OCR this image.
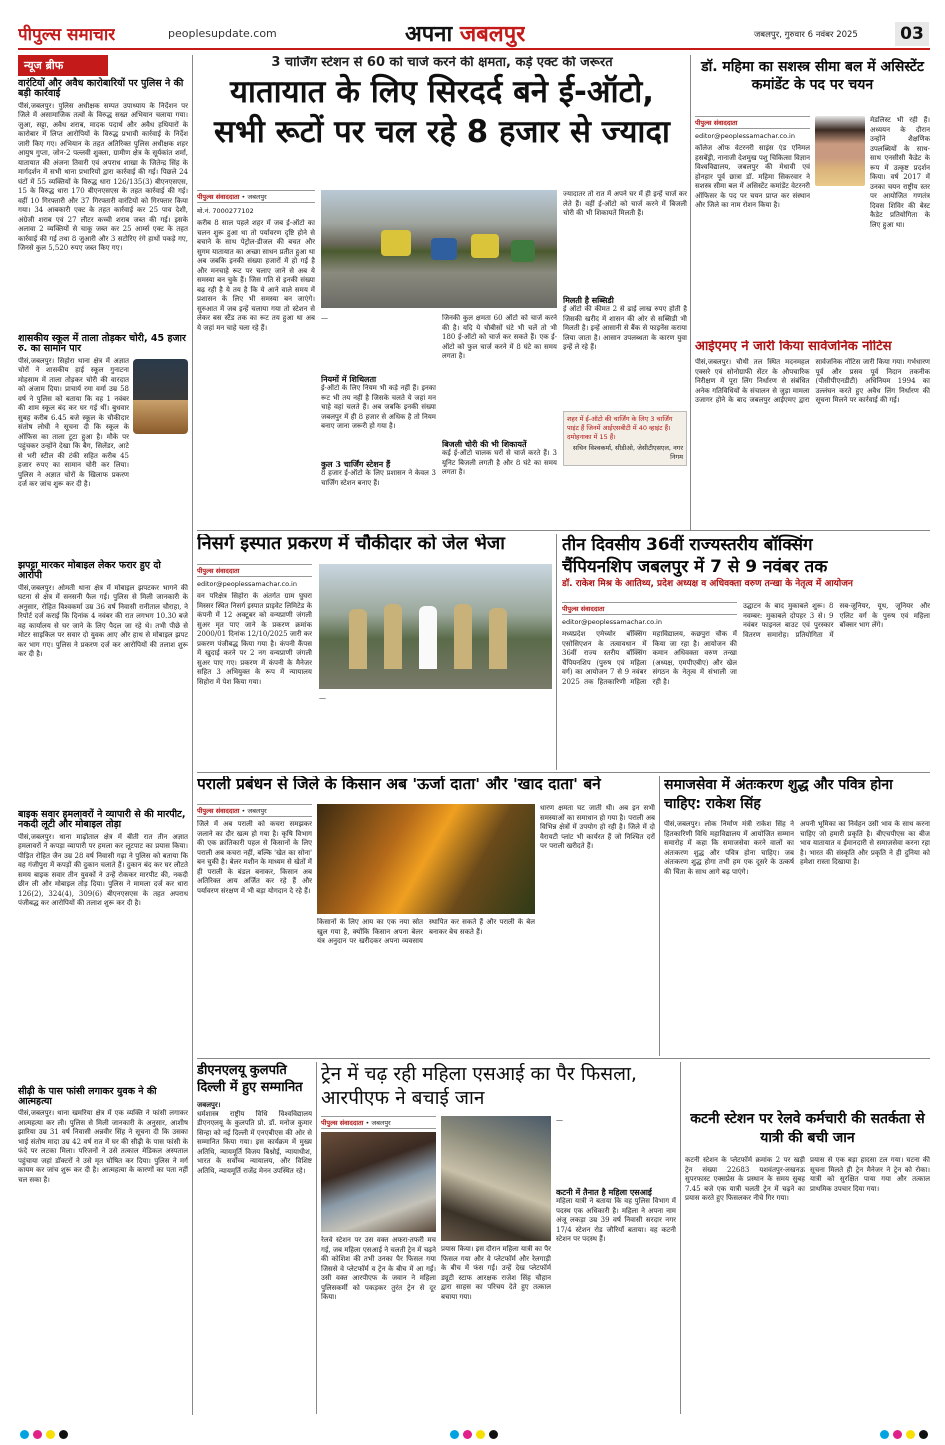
पीपुल्स समाचार	peoplesupdate.com	अपना जबलपुर	जबलपुर, गुरुवार 6 नवंबर 2025	03
न्यूज ब्रीफ
वारंटियों और अवैध कारोबारियों पर पुलिस ने की बड़ी कार्रवाई
पीसं,जबलपुर। पुलिस अधीक्षक सम्पत उपाध्याय के निर्देशन पर जिले में असामाजिक तत्वों के विरुद्ध सख्त अभियान चलाया गया। जुआ, सट्टा, अवैध शराब, मादक पदार्थ और अवैध हथियारों के कारोबार में लिप्त आरोपियों के विरुद्ध प्रभावी कार्रवाई के निर्देश जारी किए गए। अभियान के तहत अतिरिक्त पुलिस अधीक्षक शहर आयुष गुप्ता, जोन-2 पल्लवी शुक्ला, ग्रामीण क्षेत्र के सूर्यकांत शर्मा, यातायात की अंजना तिवारी एवं अपराध शाखा के जितेन्द्र सिंह के मार्गदर्शन में सभी थाना प्रभारियों द्वारा कार्रवाई की गई। पिछले 24 घंटों में 55 व्यक्तियों के विरुद्ध धारा 126/135(3) बीएनएसएस, 15 के विरुद्ध धारा 170 बीएनएसएस के तहत कार्रवाई की गई। वहीं 10 गिरफ्तारी और 37 गिरफ्तारी वारंटियों को गिरफ्तार किया गया। 34 आबकारी एक्ट के तहत कार्रवाई कर 25 पाव देशी, अंग्रेजी शराब एवं 27 लीटर कच्ची शराब जब्त की गई। इसके अलावा 2 व्यक्तियों से चाकू जब्त कर 25 आर्म्स एक्ट के तहत कार्रवाई की गई तथा 8 जुआरी और 3 सटोरिए रंगे हाथों पकड़े गए, जिनसे कुल 5,520 रुपए जब्त किए गए।
शासकीय स्कूल में ताला तोड़कर चोरी, 45 हजार रु. का सामान पार
पीसं,जबलपुर। सिहोरा थाना क्षेत्र में अज्ञात चोरों ने शासकीय हाई स्कूल गुनाटना मोहसाम में ताला तोड़कर चोरी की वारदात को अंजाम दिया। प्राचार्य रमा वर्मा उम्र 58 वर्ष ने पुलिस को बताया कि वह 1 नवंबर की शाम स्कूल बंद कर घर गई थीं। बुधवार सुबह करीब 6.45 बजे स्कूल के चौकीदार संतोष लोधी ने सूचना दी कि स्कूल के ऑफिस का ताला टूटा हुआ है। मौके पर पहुंचकर उन्होंने देखा कि बैग, सिलेंडर, आटे से भरी स्टील की टंकी सहित करीब 45 हजार रुपए का सामान चोरी कर लिया। पुलिस ने अज्ञात चोरों के खिलाफ प्रकरण दर्ज कर जांच शुरू कर दी है।
झपट्टा मारकर मोबाइल लेकर फरार हुए दो आरोपी
पीसं,जबलपुर। ओमती थाना क्षेत्र में मोबाइल झपटकर भागने की घटना से क्षेत्र में सनसनी फैल गई। पुलिस से मिली जानकारी के अनुसार, रोहित विश्वकर्मा उम्र 36 वर्ष निवासी रानीताल चौराहा, ने रिपोर्ट दर्ज कराई कि दिनांक 4 नवंबर की रात लगभग 10.30 बजे वह कार्यालय से घर जाने के लिए पैदल जा रहे थे। तभी पीछे से मोटर साइकिल पर सवार दो युवक आए और हाथ से मोबाइल झपट कर भाग गए। पुलिस ने प्रकरण दर्ज कर आरोपियों की तलाश शुरू कर दी है।
बाइक सवार हमलावरों ने व्यापारी से की मारपीट, नकदी लूटी और मोबाइल तोड़ा
पीसं,जबलपुर। थाना माढ़ोताल क्षेत्र में बीती रात तीन अज्ञात हमलावरों ने कपड़ा व्यापारी पर हमला कर लूटपाट का प्रयास किया। पीड़ित रोहित जैन उम्र 28 वर्ष निवासी गढ़ा ने पुलिस को बताया कि वह गंजीपुरा में कपड़ों की दुकान चलाते हैं। दुकान बंद कर घर लौटते समय बाइक सवार तीन युवकों ने उन्हें रोककर मारपीट की, नकदी छीन ली और मोबाइल तोड़ दिया। पुलिस ने मामला दर्ज कर धारा 126(2), 324(4), 309(6) बीएनएसएस के तहत अपराध पंजीबद्ध कर आरोपियों की तलाश शुरू कर दी है।
सीढ़ी के पास फांसी लगाकर युवक ने की आत्महत्या
पीसं,जबलपुर। थाना खमरिया क्षेत्र में एक व्यक्ति ने फांसी लगाकर आत्महत्या कर ली। पुलिस से मिली जानकारी के अनुसार, आशीष झारिया उम्र 31 वर्ष निवासी अन्नवीर सिंह ने सूचना दी कि उसका भाई संतोष मादा उम्र 42 वर्ष रात में घर की सीढ़ी के पास फांसी के फंदे पर लटका मिला। परिजनों ने उसे तत्काल मेडिकल अस्पताल पहुंचाया जहां डॉक्टरों ने उसे मृत घोषित कर दिया। पुलिस ने मर्ग कायम कर जांच शुरू कर दी है। आत्महत्या के कारणों का पता नहीं चल सका है।
3 चार्जिंग स्टेशन से 60 को चार्ज करने की क्षमता, कड़े एक्ट की जरूरत
यातायात के लिए सिरदर्द बने ई-ऑटो,
सभी रूटों पर चल रहे 8 हजार से ज्यादा
पीपुल्स संवाददाता • जबलपुर
मो.नं. 7000277102
करीब 8 साल पहले शहर में जब ई-ऑटो का चलन शुरू हुआ था तो पर्यावरण दृष्टि होने से बचाने के साथ पेट्रोल-डीजल की बचत और सुगम यातायात का अच्छा साधन प्रतीत हुआ था अब जबकि इनकी संख्या हजारों में हो गई है और मनचाहे रूट पर चलाए जाने से अब ये समस्या बन चुके हैं। जिस गति से इनकी संख्या बढ़ रही है ये तय है कि ये आने वाले समय में प्रशासन के लिए भी समस्या बन जाएंगे। सुरुआत में जब इन्हें चलाया गया तो स्टेशन से लेकर बस स्टैंड तक का रूट तय हुआ था अब ये जहां मन चाहे चला रहे हैं।
—
नियमों में शिथिलता
ई-ऑटो के लिए नियम भी कड़े नहीं हैं। इनका रूट भी तय नहीं है जिसके चलते ये जहां मन चाहे वहां चलते हैं। अब जबकि इनकी संख्या जबलपुर में ही 8 हजार से अधिक है तो नियम बनाए जाना जरूरी हो गया है।
कुल 3 चार्जिंग स्टेशन हैं
8 हजार ई-ऑटो के लिए प्रशासन ने केवल 3 चार्जिंग स्टेशन बनाए हैं।
जिनकी कुल क्षमता 60 ऑटो को चार्ज करने की है। यदि ये चौबीसों घंटे भी चलें तो भी 180 ई-ऑटो को चार्ज कर सकते हैं। एक ई-ऑटो को फुल चार्ज करने में 8 घंटे का समय लगता है।
बिजली चोरी की भी शिकायतें
कई ई-ऑटो चालक घरों से चार्ज करते हैं। 3 यूनिट बिजली लगती है और 8 घंटे का समय लगता है।
ज्यादातर तो रात में अपने घर में ही इन्हें चार्ज कर लेते हैं। वहीं ई-ऑटो को चार्ज करने में बिजली चोरी की भी शिकायतें मिलती हैं।
मिलती है सब्सिडी
ई ऑटो की कीमत 2 से ढाई लाख रुपए होती है जिसकी खरीद में शासन की ओर से सब्सिडी भी मिलती है। इन्हें आसानी से बैंक से फाइनेंस कराया लिया जाता है। आसान उपलब्धता के कारण युवा इन्हें ले रहे हैं।
शहर में ई-ऑटो की चार्जिंग के लिए 3 चार्जिंग पाइंट हैं जिनमें आईएसबीटी में 40 व्हाइंट हैं। दमोहनाका में 15 हैं।
सचिन विश्वकर्मा, सीडीओ, जेसीटीएसएल, नगर निगम
डॉ. महिमा का सशस्त्र सीमा बल में असिस्टेंट कमांडेंट के पद पर चयन
पीपुल्स संवाददाता
editor@peoplessamachar.co.in
कॉलेज ऑफ वेटरनरी साइंस एंड एनिमल हसबेंड्री, नानाजी देशमुख पशु चिकित्सा विज्ञान विश्वविद्यालय, जबलपुर की मेधावी एवं होनहार पूर्व छात्रा डॉ. महिमा सिकरवार ने सशस्त्र सीमा बल में असिस्टेंट कमांडेंट वेटरनरी ऑफिसर के पद पर चयन प्राप्त कर संस्थान और जिले का नाम रोशन किया है।
मेडलिस्ट भी रही हैं। अध्ययन के दौरान उन्होंने शैक्षणिक उपलब्धियों के साथ-साथ एनसीसी कैडेट के रूप में उत्कृष्ट प्रदर्शन किया। वर्ष 2017 में उनका चयन राष्ट्रीय स्तर पर आयोजित गणतंत्र दिवस शिविर की बेस्ट कैडेट प्रतियोगिता के लिए हुआ था।
आईएमए ने जारी किया सार्वजनिक नोटिस
पीसं,जबलपुर। चौथी तल स्थित मदनमहल एक्सरे एवं सोनोग्राफी सेंटर के औपचारिक निरीक्षण में पूरा लिंग निर्धारण से संबंधित अनेक गतिविधियों के संचालन से जुड़ा मामला उजागर होने के बाद जबलपुर आईएमए द्वारा सार्वजनिक नोटिस जारी किया गया। गर्भधारण पूर्व और प्रसव पूर्व निदान तकनीक (पीसीपीएनडीटी) अधिनियम 1994 का उल्लंघन करते हुए अवैध लिंग निर्धारण की सूचना मिलने पर कार्रवाई की गई।
निसर्ग इस्पात प्रकरण में चौकीदार को जेल भेजा
पीपुल्स संवाददाता
editor@peoplessamachar.co.in
वन परिक्षेत्र सिहोरा के अंतर्गत ग्राम घुघरा मिस्सर स्थित निसर्ग इस्पात प्राइवेट लिमिटेड के कंपनी में 12 अक्टूबर को वन्यप्राणी जंगली सुअर मृत पाए जाने के प्रकरण क्रमांक 2000/01 दिनांक 12/10/2025 जारी कर प्रकरण पंजीबद्ध किया गया है। कंपनी कैंपस में खुदाई करने पर 2 नग वन्यप्राणी जंगली सुअर पाए गए। प्रकरण में कंपनी के मैनेजर सहित 3 अभियुक्त के रूप में न्यायालय सिहोरा में पेश किया गया।
—
तीन दिवसीय 36वीं राज्यस्तरीय बॉक्सिंग
चैंपियनशिप जबलपुर में 7 से 9 नवंबर तक
डॉ. राकेश मिश्र के आतिथ्य, प्रदेश अध्यक्ष व अधिवक्ता वरुण तन्खा के नेतृत्व में आयोजन
पीपुल्स संवाददाता
editor@peoplessamachar.co.in
मध्यप्रदेश एमेच्योर बॉक्सिंग एसोसिएशन के तत्वावधान में 36वीं राज्य स्तरीय बॉक्सिंग चैंपियनशिप (पुरुष एवं महिला वर्ग) का आयोजन 7 से 9 नवंबर 2025 तक हितकारिणी महिला महाविद्यालय, कछपुरा चौक में किया जा रहा है। आयोजन की कमान अधिवक्ता वरुण तन्खा (अध्यक्ष, एमपीएबीए) और खेल संगठन के नेतृत्व में संभाली जा रही है।
उद्घाटन के बाद मुकाबले शुरू। 8 नवम्बर: मुकाबले दोपहर 3 से। 9 नवंबर फाइनल बाउट एवं पुरस्कार वितरण समारोह। प्रतियोगिता में सब-जूनियर, यूथ, जूनियर और एलिट वर्ग के पुरुष एवं महिला बॉक्सर भाग लेंगे।
पराली प्रबंधन से जिले के किसान अब 'ऊर्जा दाता' और 'खाद दाता' बने
पीपुल्स संवाददाता • जबलपुर
जिले में अब पराली को कचरा समझकर जलाने का दौर खत्म हो गया है। कृषि विभाग की एक क्रांतिकारी पहल से किसानों के लिए पराली अब कचरा नहीं, बल्कि 'खेत का सोना' बन चुकी है। बेलर मशीन के माध्यम से खेतों में ही पराली के बंडल बनाकर, किसान अब अतिरिक्त आय अर्जित कर रहे हैं और पर्यावरण संरक्षण में भी बड़ा योगदान दे रहे हैं।
किसानों के लिए आय का एक नया स्रोत खुल गया है, क्योंकि किसान अपना बेलर यंत्र अनुदान पर खरीदकर अपना व्यवसाय स्थापित कर सकते हैं और पराली के बेल बनाकर बेच सकते हैं।
धारण क्षमता घट जाती थी। अब इन सभी समस्याओं का समाधान हो गया है। पराली अब विभिन्न क्षेत्रों में उपयोग हो रही है। जिले में दो वैरायटी प्लांट भी कार्यरत हैं जो निश्चित दरों पर पराली खरीदते हैं।
समाजसेवा में अंतःकरण शुद्ध और पवित्र होना चाहिए: राकेश सिंह
पीसं,जबलपुर। लोक निर्माण मंत्री राकेश सिंह ने हितकारिणी विधि महाविद्यालय में आयोजित सम्मान समारोह में कहा कि समाजसेवा करने वालों का अंतःकरण शुद्ध और पवित्र होना चाहिए। जब अंतःकरण शुद्ध होगा तभी हम एक दूसरे के उत्कर्ष की चिंता के साथ आगे बढ़ पाएंगे।
अपनी भूमिका का निर्वहन उसी भाव के साथ करना चाहिए जो हमारी प्रकृति है। बीएचपीएस का बीज भाव यातायात व ईमानदारी से समाजसेवा करना रहा है। भारत की संस्कृति और प्रकृति ने ही दुनिया को हमेशा रास्ता दिखाया है।
डीएनएलयू कुलपति दिल्ली में हुए सम्मानित
जबलपुर।
धर्मशास्त्र राष्ट्रीय विधि विश्वविद्यालय डीएनएलयू के कुलपति प्रो. डॉ. मनोज कुमार सिन्हा को नई दिल्ली में एनएबीएस की ओर से सम्मानित किया गया। इस कार्यक्रम में मुख्य अतिथि, न्यायमूर्ति विजय बिश्नोई, न्यायाधीश, भारत के सर्वोच्च न्यायालय, और विशिष्ट अतिथि, न्यायमूर्ति राजेंद्र मेनन उपस्थित रहे।
ट्रेन में चढ़ रही महिला एसआई का पैर फिसला, आरपीएफ ने बचाई जान
पीपुल्स संवाददाता • जबलपुर
रेलवे स्टेशन पर उस वक्त अफरा-तफरी मच गई, जब महिला एसआई ने चलती ट्रेन में चढ़ने की कोशिश की तभी उनका पैर फिसल गया जिससे वे प्लेटफॉर्म व ट्रेन के बीच में आ गईं। उसी वक्त आरपीएफ के जवान ने महिला पुलिसकर्मी को पकड़कर तुरंत ट्रेन से दूर किया।
प्रयास किया। इस दौरान महिला यात्री का पैर फिसल गया और वे प्लेटफॉर्म और रेलगाड़ी के बीच में फंस गईं। उन्हें देख प्लेटफॉर्म ड्यूटी स्टाफ आरक्षक राजेश सिंह चौहान द्वारा साहस का परिचय देते हुए तत्काल बचाया गया।
—
कटनी में तैनात है महिला एसआई
महिला यात्री ने बताया कि वह पुलिस विभाग में पदस्थ एक अधिकारी है। महिला ने अपना नाम अंजू लकड़ा उम्र 39 वर्ष निवासी सरदार नगर 17/4 स्टेशन रोड जौरियाँ बताया। वह कटनी स्टेशन पर पदस्थ हैं।
कटनी स्टेशन पर रेलवे कर्मचारी की सतर्कता से यात्री की बची जान
कटनी स्टेशन के प्लेटफॉर्म क्रमांक 2 पर खड़ी ट्रेन संख्या 22683 यशवंतपुर-लखनऊ सुपरफास्ट एक्सप्रेस के प्रस्थान के समय सुबह 7.45 बजे एक यात्री चलती ट्रेन में चढ़ने का प्रयास करते हुए फिसलकर नीचे गिर गया।
प्रयास से एक बड़ा हादसा टल गया। घटना की सूचना मिलते ही ट्रेन मैनेजर ने ट्रेन को रोका। यात्री को सुरक्षित पाया गया और तत्काल प्राथमिक उपचार दिया गया।
